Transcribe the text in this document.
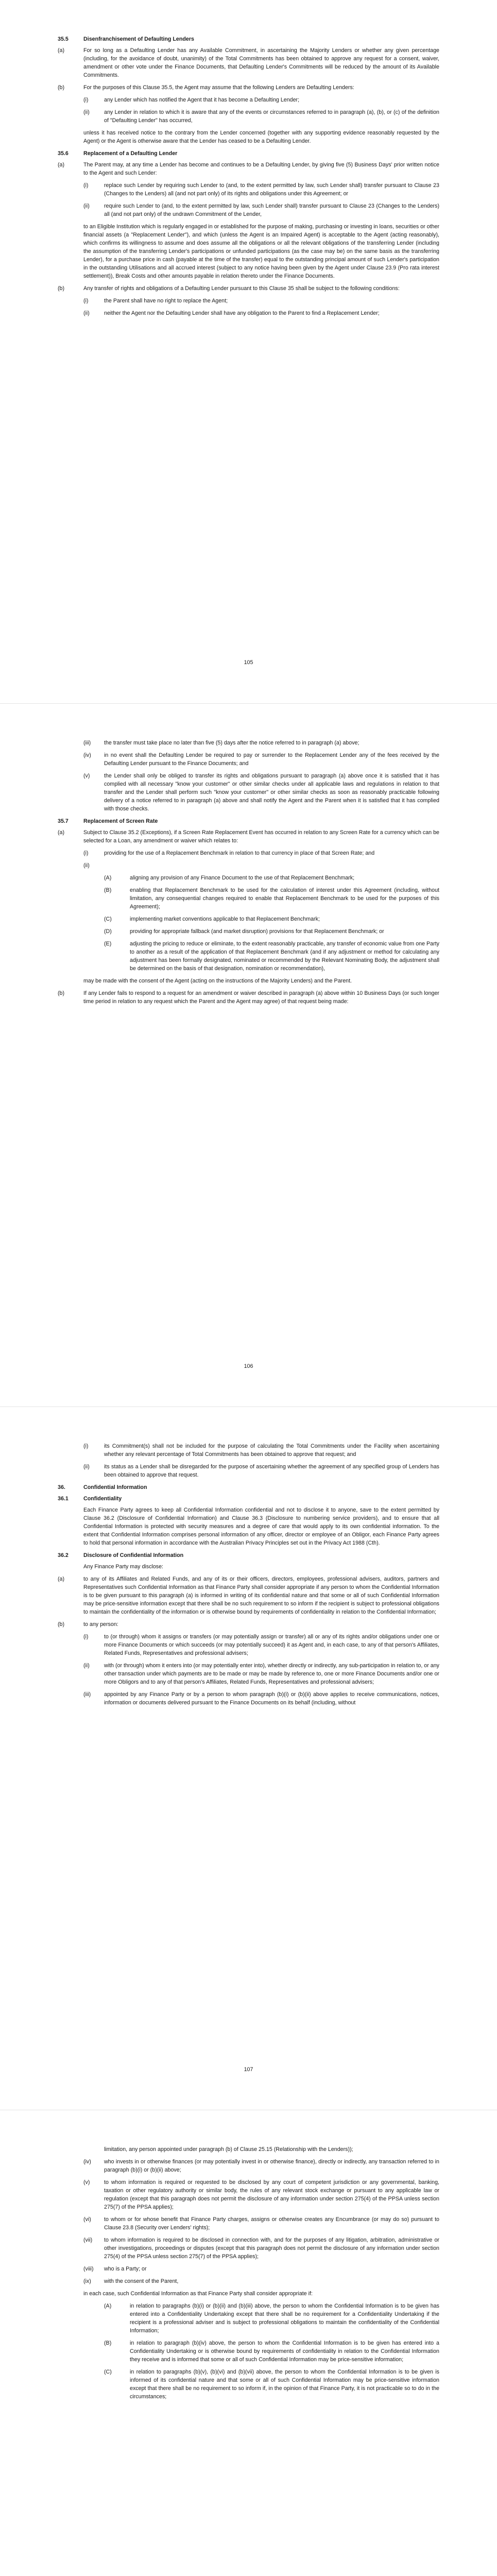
35.5	Disenfranchisement of Defaulting Lenders
(a)	For so long as a Defaulting Lender has any Available Commitment, in ascertaining the Majority Lenders or whether any given percentage (including, for the avoidance of doubt, unanimity) of the Total Commitments has been obtained to approve any request for a consent, waiver, amendment or other vote under the Finance Documents, that Defaulting Lender's Commitments will be reduced by the amount of its Available Commitments.
(b)	For the purposes of this Clause 35.5, the Agent may assume that the following Lenders are Defaulting Lenders:
(i)	any Lender which has notified the Agent that it has become a Defaulting Lender;
(ii)	any Lender in relation to which it is aware that any of the events or circumstances referred to in paragraph (a), (b), or (c) of the definition of "Defaulting Lender" has occurred,
unless it has received notice to the contrary from the Lender concerned (together with any supporting evidence reasonably requested by the Agent) or the Agent is otherwise aware that the Lender has ceased to be a Defaulting Lender.
35.6	Replacement of a Defaulting Lender
(a)	The Parent may, at any time a Lender has become and continues to be a Defaulting Lender, by giving five (5) Business Days' prior written notice to the Agent and such Lender:
(i)	replace such Lender by requiring such Lender to (and, to the extent permitted by law, such Lender shall) transfer pursuant to Clause 23 (Changes to the Lenders) all (and not part only) of its rights and obligations under this Agreement; or
(ii)	require such Lender to (and, to the extent permitted by law, such Lender shall) transfer pursuant to Clause 23 (Changes to the Lenders) all (and not part only) of the undrawn Commitment of the Lender,
to an Eligible Institution which is regularly engaged in or established for the purpose of making, purchasing or investing in loans, securities or other financial assets (a "Replacement Lender"), and which (unless the Agent is an Impaired Agent) is acceptable to the Agent (acting reasonably), which confirms its willingness to assume and does assume all the obligations or all the relevant obligations of the transferring Lender (including the assumption of the transferring Lender's participations or unfunded participations (as the case may be) on the same basis as the transferring Lender), for a purchase price in cash (payable at the time of the transfer) equal to the outstanding principal amount of such Lender's participation in the outstanding Utilisations and all accrued interest (subject to any notice having been given by the Agent under Clause 23.9 (Pro rata interest settlement)), Break Costs and other amounts payable in relation thereto under the Finance Documents.
(b)	Any transfer of rights and obligations of a Defaulting Lender pursuant to this Clause 35 shall be subject to the following conditions:
(i)	the Parent shall have no right to replace the Agent;
(ii)	neither the Agent nor the Defaulting Lender shall have any obligation to the Parent to find a Replacement Lender;
105
(iii)	the transfer must take place no later than five (5) days after the notice referred to in paragraph (a) above;
(iv)	in no event shall the Defaulting Lender be required to pay or surrender to the Replacement Lender any of the fees received by the Defaulting Lender pursuant to the Finance Documents; and
(v)	the Lender shall only be obliged to transfer its rights and obligations pursuant to paragraph (a) above once it is satisfied that it has complied with all necessary "know your customer" or other similar checks under all applicable laws and regulations in relation to that transfer and the Lender shall perform such "know your customer" or other similar checks as soon as reasonably practicable following delivery of a notice referred to in paragraph (a) above and shall notify the Agent and the Parent when it is satisfied that it has complied with those checks.
35.7	Replacement of Screen Rate
(a)	Subject to Clause 35.2 (Exceptions), if a Screen Rate Replacement Event has occurred in relation to any Screen Rate for a currency which can be selected for a Loan, any amendment or waiver which relates to:
(i)	providing for the use of a Replacement Benchmark in relation to that currency in place of that Screen Rate; and
(ii)
(A)	aligning any provision of any Finance Document to the use of that Replacement Benchmark;
(B)	enabling that Replacement Benchmark to be used for the calculation of interest under this Agreement (including, without limitation, any consequential changes required to enable that Replacement Benchmark to be used for the purposes of this Agreement);
(C)	implementing market conventions applicable to that Replacement Benchmark;
(D)	providing for appropriate fallback (and market disruption) provisions for that Replacement Benchmark; or
(E)	adjusting the pricing to reduce or eliminate, to the extent reasonably practicable, any transfer of economic value from one Party to another as a result of the application of that Replacement Benchmark (and if any adjustment or method for calculating any adjustment has been formally designated, nominated or recommended by the Relevant Nominating Body, the adjustment shall be determined on the basis of that designation, nomination or recommendation),
may be made with the consent of the Agent (acting on the instructions of the Majority Lenders) and the Parent.
(b)	If any Lender fails to respond to a request for an amendment or waiver described in paragraph (a) above within 10 Business Days (or such longer time period in relation to any request which the Parent and the Agent may agree) of that request being made:
106
(i)	its Commitment(s) shall not be included for the purpose of calculating the Total Commitments under the Facility when ascertaining whether any relevant percentage of Total Commitments has been obtained to approve that request; and
(ii)	its status as a Lender shall be disregarded for the purpose of ascertaining whether the agreement of any specified group of Lenders has been obtained to approve that request.
36.	Confidential Information
36.1	Confidentiality
Each Finance Party agrees to keep all Confidential Information confidential and not to disclose it to anyone, save to the extent permitted by Clause 36.2 (Disclosure of Confidential Information) and Clause 36.3 (Disclosure to numbering service providers), and to ensure that all Confidential Information is protected with security measures and a degree of care that would apply to its own confidential information. To the extent that Confidential Information comprises personal information of any officer, director or employee of an Obligor, each Finance Party agrees to hold that personal information in accordance with the Australian Privacy Principles set out in the Privacy Act 1988 (Cth).
36.2	Disclosure of Confidential Information
Any Finance Party may disclose:
(a)	to any of its Affiliates and Related Funds, and any of its or their officers, directors, employees, professional advisers, auditors, partners and Representatives such Confidential Information as that Finance Party shall consider appropriate if any person to whom the Confidential Information is to be given pursuant to this paragraph (a) is informed in writing of its confidential nature and that some or all of such Confidential Information may be price-sensitive information except that there shall be no such requirement to so inform if the recipient is subject to professional obligations to maintain the confidentiality of the information or is otherwise bound by requirements of confidentiality in relation to the Confidential Information;
(b)	to any person:
(i)	to (or through) whom it assigns or transfers (or may potentially assign or transfer) all or any of its rights and/or obligations under one or more Finance Documents or which succeeds (or may potentially succeed) it as Agent and, in each case, to any of that person's Affiliates, Related Funds, Representatives and professional advisers;
(ii)	with (or through) whom it enters into (or may potentially enter into), whether directly or indirectly, any sub-participation in relation to, or any other transaction under which payments are to be made or may be made by reference to, one or more Finance Documents and/or one or more Obligors and to any of that person's Affiliates, Related Funds, Representatives and professional advisers;
(iii)	appointed by any Finance Party or by a person to whom paragraph (b)(i) or (b)(ii) above applies to receive communications, notices, information or documents delivered pursuant to the Finance Documents on its behalf (including, without
107
limitation, any person appointed under paragraph (b) of Clause 25.15 (Relationship with the Lenders));
(iv)	who invests in or otherwise finances (or may potentially invest in or otherwise finance), directly or indirectly, any transaction referred to in paragraph (b)(i) or (b)(ii) above;
(v)	to whom information is required or requested to be disclosed by any court of competent jurisdiction or any governmental, banking, taxation or other regulatory authority or similar body, the rules of any relevant stock exchange or pursuant to any applicable law or regulation (except that this paragraph does not permit the disclosure of any information under section 275(4) of the PPSA unless section 275(7) of the PPSA applies);
(vi)	to whom or for whose benefit that Finance Party charges, assigns or otherwise creates any Encumbrance (or may do so) pursuant to Clause 23.8 (Security over Lenders' rights);
(vii)	to whom information is required to be disclosed in connection with, and for the purposes of any litigation, arbitration, administrative or other investigations, proceedings or disputes (except that this paragraph does not permit the disclosure of any information under section 275(4) of the PPSA unless section 275(7) of the PPSA applies);
(viii)	who is a Party; or
(ix)	with the consent of the Parent,
in each case, such Confidential Information as that Finance Party shall consider appropriate if:
(A)	in relation to paragraphs (b)(i) or (b)(ii) and (b)(iii) above, the person to whom the Confidential Information is to be given has entered into a Confidentiality Undertaking except that there shall be no requirement for a Confidentiality Undertaking if the recipient is a professional adviser and is subject to professional obligations to maintain the confidentiality of the Confidential Information;
(B)	in relation to paragraph (b)(iv) above, the person to whom the Confidential Information is to be given has entered into a Confidentiality Undertaking or is otherwise bound by requirements of confidentiality in relation to the Confidential Information they receive and is informed that some or all of such Confidential Information may be price-sensitive information;
(C)	in relation to paragraphs (b)(v), (b)(vi) and (b)(vii) above, the person to whom the Confidential Information is to be given is informed of its confidential nature and that some or all of such Confidential Information may be price-sensitive information except that there shall be no requirement to so inform if, in the opinion of that Finance Party, it is not practicable so to do in the circumstances;
